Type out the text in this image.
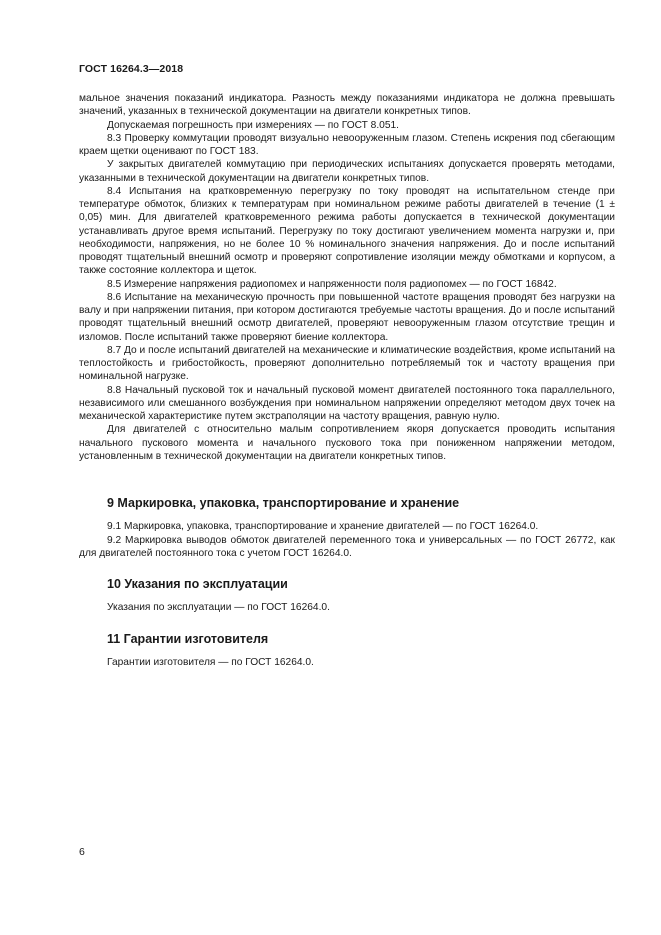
ГОСТ 16264.3—2018

мальное значения показаний индикатора. Разность между показаниями индикатора не должна превышать значений, указанных в технической документации на двигатели конкретных типов.

Допускаемая погрешность при измерениях — по ГОСТ 8.051.

8.3 Проверку коммутации проводят визуально невооруженным глазом. Степень искрения под сбегающим краем щетки оценивают по ГОСТ 183.

У закрытых двигателей коммутацию при периодических испытаниях допускается проверять методами, указанными в технической документации на двигатели конкретных типов.

8.4 Испытания на кратковременную перегрузку по току проводят на испытательном стенде при температуре обмоток, близких к температурам при номинальном режиме работы двигателей в течение (1 ± 0,05) мин. Для двигателей кратковременного режима работы допускается в технической документации устанавливать другое время испытаний. Перегрузку по току достигают увеличением момента нагрузки и, при необходимости, напряжения, но не более 10 % номинального значения напряжения. До и после испытаний проводят тщательный внешний осмотр и проверяют сопротивление изоляции между обмотками и корпусом, а также состояние коллектора и щеток.

8.5 Измерение напряжения радиопомех и напряженности поля радиопомех — по ГОСТ 16842.

8.6 Испытание на механическую прочность при повышенной частоте вращения проводят без нагрузки на валу и при напряжении питания, при котором достигаются требуемые частоты вращения. До и после испытаний проводят тщательный внешний осмотр двигателей, проверяют невооруженным глазом отсутствие трещин и изломов. После испытаний также проверяют биение коллектора.

8.7 До и после испытаний двигателей на механические и климатические воздействия, кроме испытаний на теплостойкость и грибостойкость, проверяют дополнительно потребляемый ток и частоту вращения при номинальной нагрузке.

8.8 Начальный пусковой ток и начальный пусковой момент двигателей постоянного тока параллельного, независимого или смешанного возбуждения при номинальном напряжении определяют методом двух точек на механической характеристике путем экстраполяции на частоту вращения, равную нулю.

Для двигателей с относительно малым сопротивлением якоря допускается проводить испытания начального пускового момента и начального пускового тока при пониженном напряжении методом, установленным в технической документации на двигатели конкретных типов.

9 Маркировка, упаковка, транспортирование и хранение

9.1 Маркировка, упаковка, транспортирование и хранение двигателей — по ГОСТ 16264.0.

9.2 Маркировка выводов обмоток двигателей переменного тока и универсальных — по ГОСТ 26772, как для двигателей постоянного тока с учетом ГОСТ 16264.0.

10 Указания по эксплуатации

Указания по эксплуатации — по ГОСТ 16264.0.

11 Гарантии изготовителя

Гарантии изготовителя — по ГОСТ 16264.0.

6
